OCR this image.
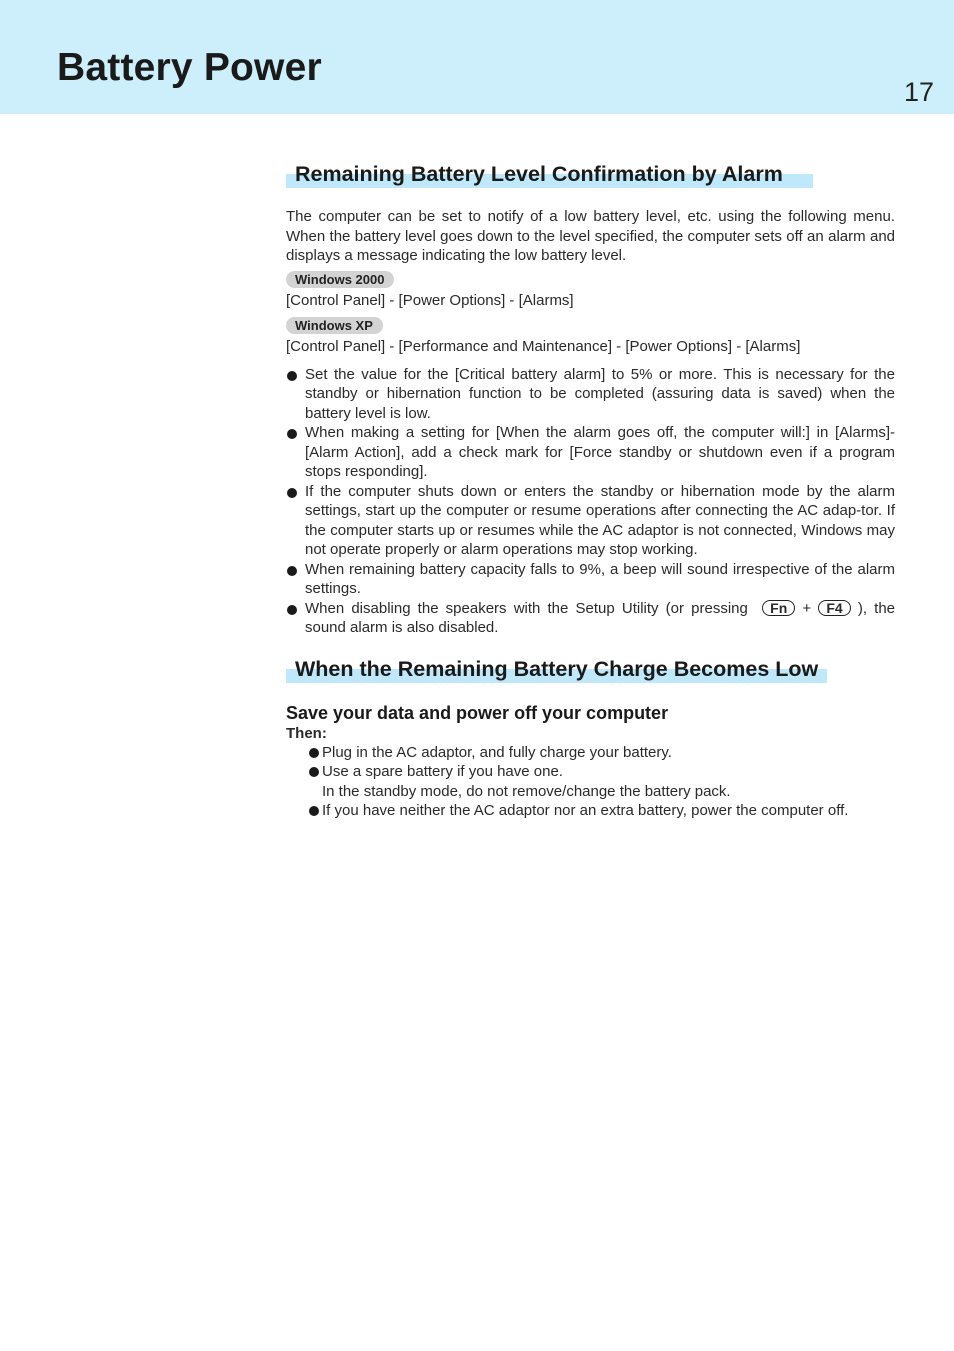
Battery Power
17
Remaining Battery Level Confirmation by Alarm
The computer can be set to notify of a low battery level, etc. using the following menu. When the battery level goes down to the level specified, the computer sets off an alarm and displays a message indicating the low battery level.
Windows 2000
[Control Panel] - [Power Options] - [Alarms]
Windows XP
[Control Panel] - [Performance and Maintenance] - [Power Options] - [Alarms]
Set the value for the [Critical battery alarm] to 5% or more. This is necessary for the standby or hibernation function to be completed (assuring data is saved) when the battery level is low.
When making a setting for [When the alarm goes off, the computer will:] in [Alarms]-[Alarm Action], add a check mark for [Force standby or shutdown even if a program stops responding].
If the computer shuts down or enters the standby or hibernation mode by the alarm settings, start up the computer or resume operations after connecting the AC adap-tor. If the computer starts up or resumes while the AC adaptor is not connected, Windows may not operate properly or alarm operations may stop working.
When remaining battery capacity falls to 9%, a beep will sound irrespective of the alarm settings.
When disabling the speakers with the Setup Utility (or pressing Fn + F4 ), the sound alarm is also disabled.
When the Remaining Battery Charge Becomes Low
Save your data and power off your computer
Then:
Plug in the AC adaptor, and fully charge your battery.
Use a spare battery if you have one.
In the standby mode, do not remove/change the battery pack.
If you have neither the AC adaptor nor an extra battery, power the computer off.
